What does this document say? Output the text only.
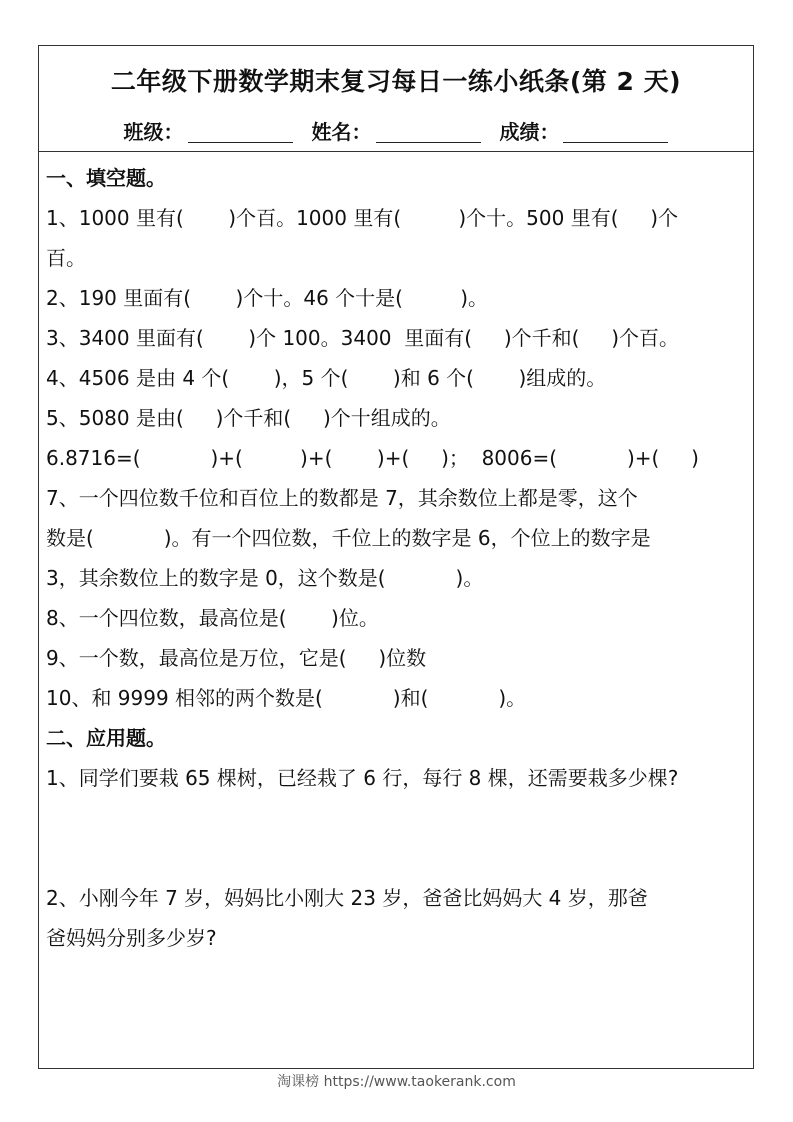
二年级下册数学期末复习每日一练小纸条(第 2 天)
班级：	姓名：	成绩：
一、填空题。
1、1000 里有(       )个百。1000 里有(         )个十。500 里有(     )个
百。
2、190 里面有(       )个十。46 个十是(         )。
3、3400 里面有(       )个 100。3400  里面有(     )个千和(     )个百。
4、4506 是由 4 个(       )，5 个(       )和 6 个(       )组成的。
5、5080 是由(     )个千和(     )个十组成的。
6.8716=(           )+(         )+(       )+(     )；  8006=(           )+(     )
7、一个四位数千位和百位上的数都是 7，其余数位上都是零，这个
数是(           )。有一个四位数，千位上的数字是 6，个位上的数字是
3，其余数位上的数字是 0，这个数是(           )。
8、一个四位数，最高位是(       )位。
9、一个数，最高位是万位，它是(     )位数
10、和 9999 相邻的两个数是(           )和(           )。
二、应用题。
1、同学们要栽 65 棵树，已经栽了 6 行，每行 8 棵，还需要栽多少棵?
2、小刚今年 7 岁，妈妈比小刚大 23 岁，爸爸比妈妈大 4 岁，那爸
爸妈妈分别多少岁?
淘课榜 https://www.taokerank.com
